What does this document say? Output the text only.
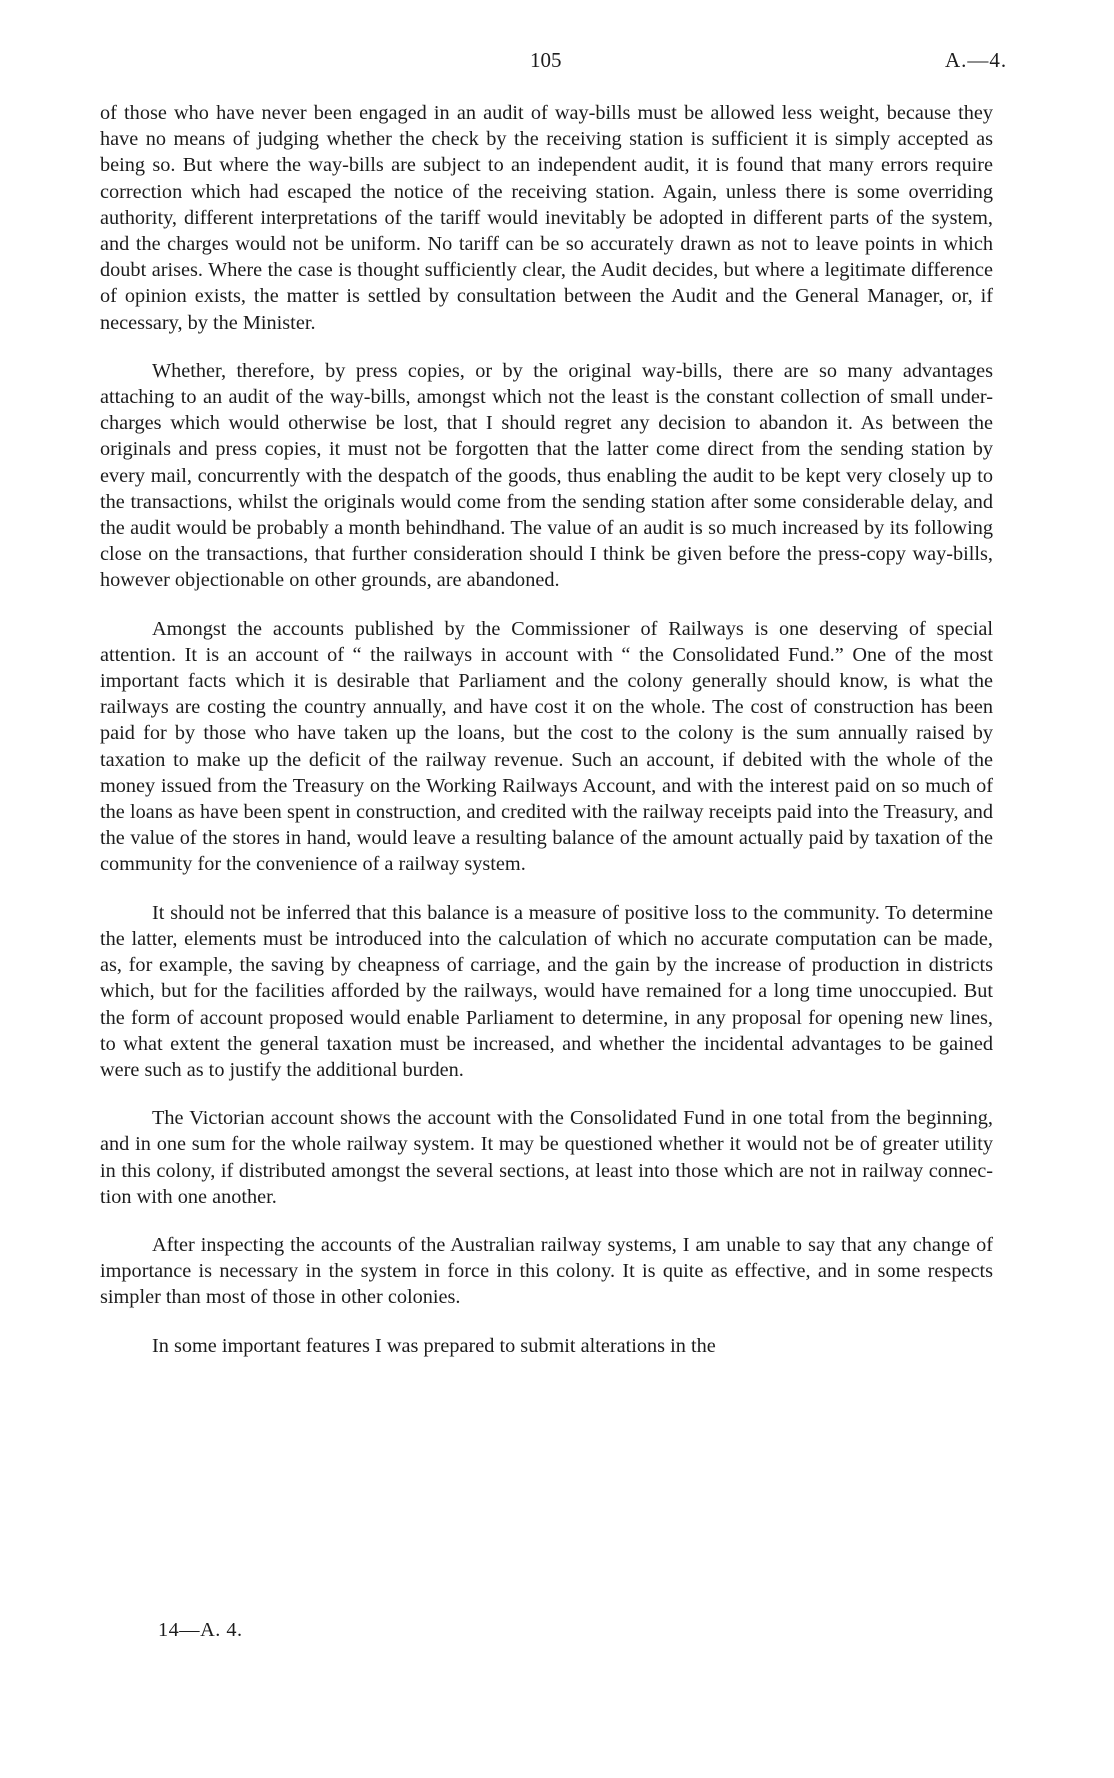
105	A.—4.

of those who have never been engaged in an audit of way-bills must be allowed less weight, because they have no means of judging whether the check by the receiving station is sufficient it is simply accepted as being so. But where the way-bills are subject to an independent audit, it is found that many errors require correction which had escaped the notice of the receiving station. Again, unless there is some overriding authority, different interpretations of the tariff would inevitably be adopted in different parts of the system, and the charges would not be uniform. No tariff can be so accurately drawn as not to leave points in which doubt arises. Where the case is thought sufficiently clear, the Audit decides, but where a legitimate difference of opinion exists, the matter is settled by consultation between the Audit and the General Manager, or, if necessary, by the Minister.

Whether, therefore, by press copies, or by the original way-bills, there are so many advantages attaching to an audit of the way-bills, amongst which not the least is the constant collection of small under-charges which would otherwise be lost, that I should regret any decision to abandon it. As between the originals and press copies, it must not be forgotten that the latter come direct from the sending station by every mail, concurrently with the despatch of the goods, thus enabling the audit to be kept very closely up to the transactions, whilst the originals would come from the sending station after some considerable delay, and the audit would be probably a month behindhand. The value of an audit is so much increased by its following close on the transactions, that further consideration should I think be given before the press-copy way-bills, however objectionable on other grounds, are abandoned.

Amongst the accounts published by the Commissioner of Railways is one deserving of special attention. It is an account of “ the railways in account with “ the Consolidated Fund.” One of the most important facts which it is desirable that Parliament and the colony generally should know, is what the railways are costing the country annually, and have cost it on the whole. The cost of construction has been paid for by those who have taken up the loans, but the cost to the colony is the sum annually raised by taxation to make up the deficit of the railway revenue. Such an account, if debited with the whole of the money issued from the Treasury on the Working Railways Account, and with the interest paid on so much of the loans as have been spent in construction, and credited with the railway receipts paid into the Treasury, and the value of the stores in hand, would leave a resulting balance of the amount actually paid by taxation of the community for the convenience of a railway system.

It should not be inferred that this balance is a measure of positive loss to the community. To determine the latter, elements must be introduced into the calculation of which no accurate computation can be made, as, for example, the saving by cheapness of carriage, and the gain by the increase of production in districts which, but for the facilities afforded by the railways, would have remained for a long time unoccupied. But the form of account proposed would enable Parliament to determine, in any proposal for opening new lines, to what extent the general taxation must be increased, and whether the incidental advantages to be gained were such as to justify the additional burden.

The Victorian account shows the account with the Consolidated Fund in one total from the beginning, and in one sum for the whole railway system. It may be questioned whether it would not be of greater utility in this colony, if distributed amongst the several sections, at least into those which are not in railway connection with one another.

After inspecting the accounts of the Australian railway systems, I am unable to say that any change of importance is necessary in the system in force in this colony. It is quite as effective, and in some respects simpler than most of those in other colonies.

In some important features I was prepared to submit alterations in the

14—A. 4.
